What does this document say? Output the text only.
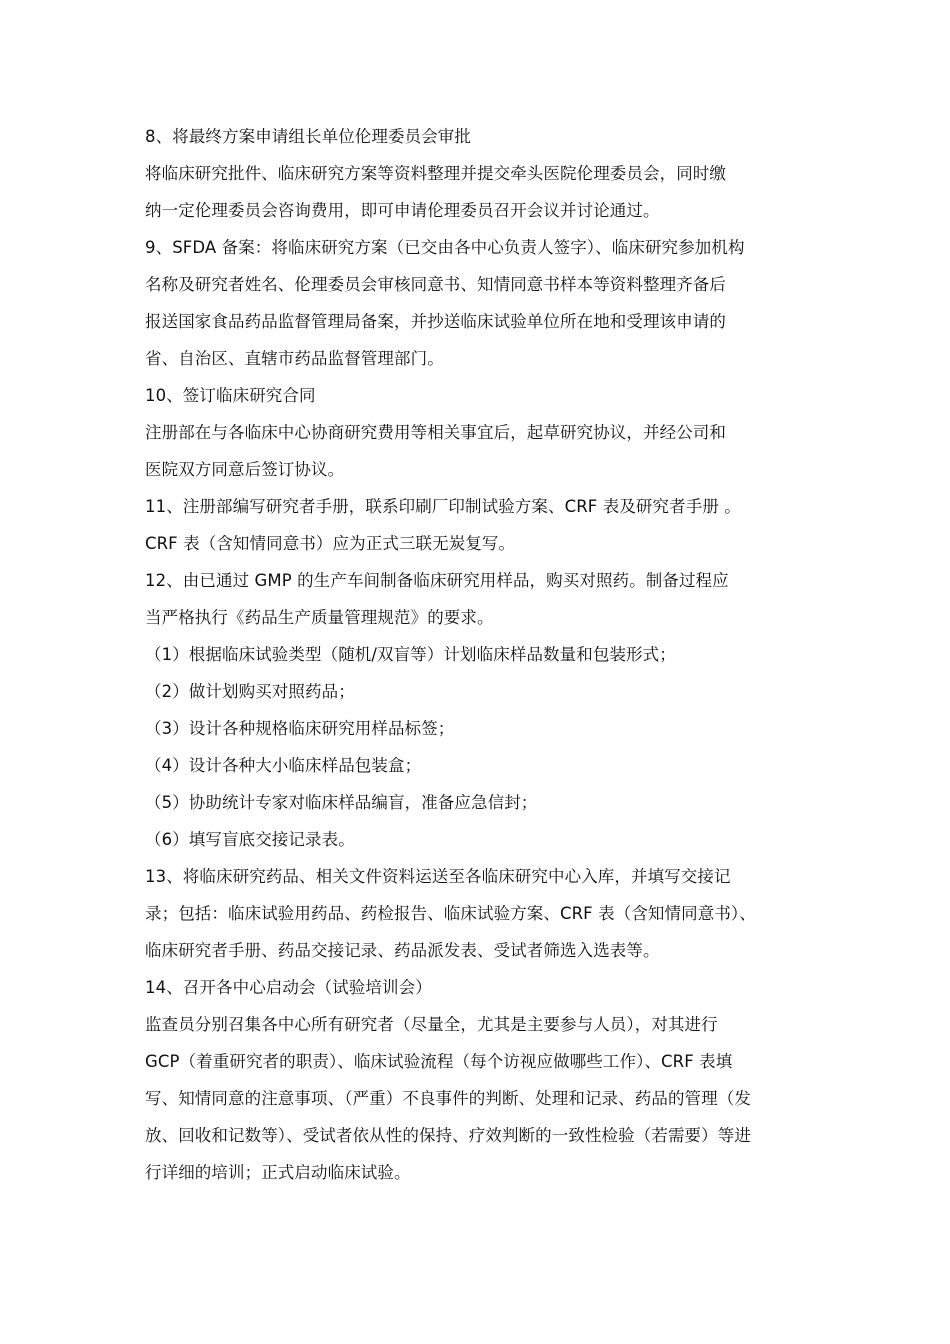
8、将最终方案申请组长单位伦理委员会审批
将临床研究批件、临床研究方案等资料整理并提交牵头医院伦理委员会，同时缴
纳一定伦理委员会咨询费用，即可申请伦理委员召开会议并讨论通过。
9、SFDA 备案：将临床研究方案（已交由各中心负责人签字）、临床研究参加机构
名称及研究者姓名、伦理委员会审核同意书、知情同意书样本等资料整理齐备后
报送国家食品药品监督管理局备案，并抄送临床试验单位所在地和受理该申请的
省、自治区、直辖市药品监督管理部门。
10、签订临床研究合同
注册部在与各临床中心协商研究费用等相关事宜后，起草研究协议，并经公司和
医院双方同意后签订协议。
11、注册部编写研究者手册，联系印刷厂印制试验方案、CRF 表及研究者手册 。
CRF 表（含知情同意书）应为正式三联无炭复写。
12、由已通过 GMP 的生产车间制备临床研究用样品，购买对照药。制备过程应
当严格执行《药品生产质量管理规范》的要求。
（1）根据临床试验类型（随机/双盲等）计划临床样品数量和包装形式；
（2）做计划购买对照药品；
（3）设计各种规格临床研究用样品标签；
（4）设计各种大小临床样品包装盒；
（5）协助统计专家对临床样品编盲，准备应急信封；
（6）填写盲底交接记录表。
13、将临床研究药品、相关文件资料运送至各临床研究中心入库，并填写交接记
录；包括：临床试验用药品、药检报告、临床试验方案、CRF 表（含知情同意书）、
临床研究者手册、药品交接记录、药品派发表、受试者筛选入选表等。
14、召开各中心启动会（试验培训会）
监查员分别召集各中心所有研究者（尽量全，尤其是主要参与人员），对其进行
GCP（着重研究者的职责）、临床试验流程（每个访视应做哪些工作）、CRF 表填
写、知情同意的注意事项、（严重）不良事件的判断、处理和记录、药品的管理（发
放、回收和记数等）、受试者依从性的保持、疗效判断的一致性检验（若需要）等进
行详细的培训；正式启动临床试验。
